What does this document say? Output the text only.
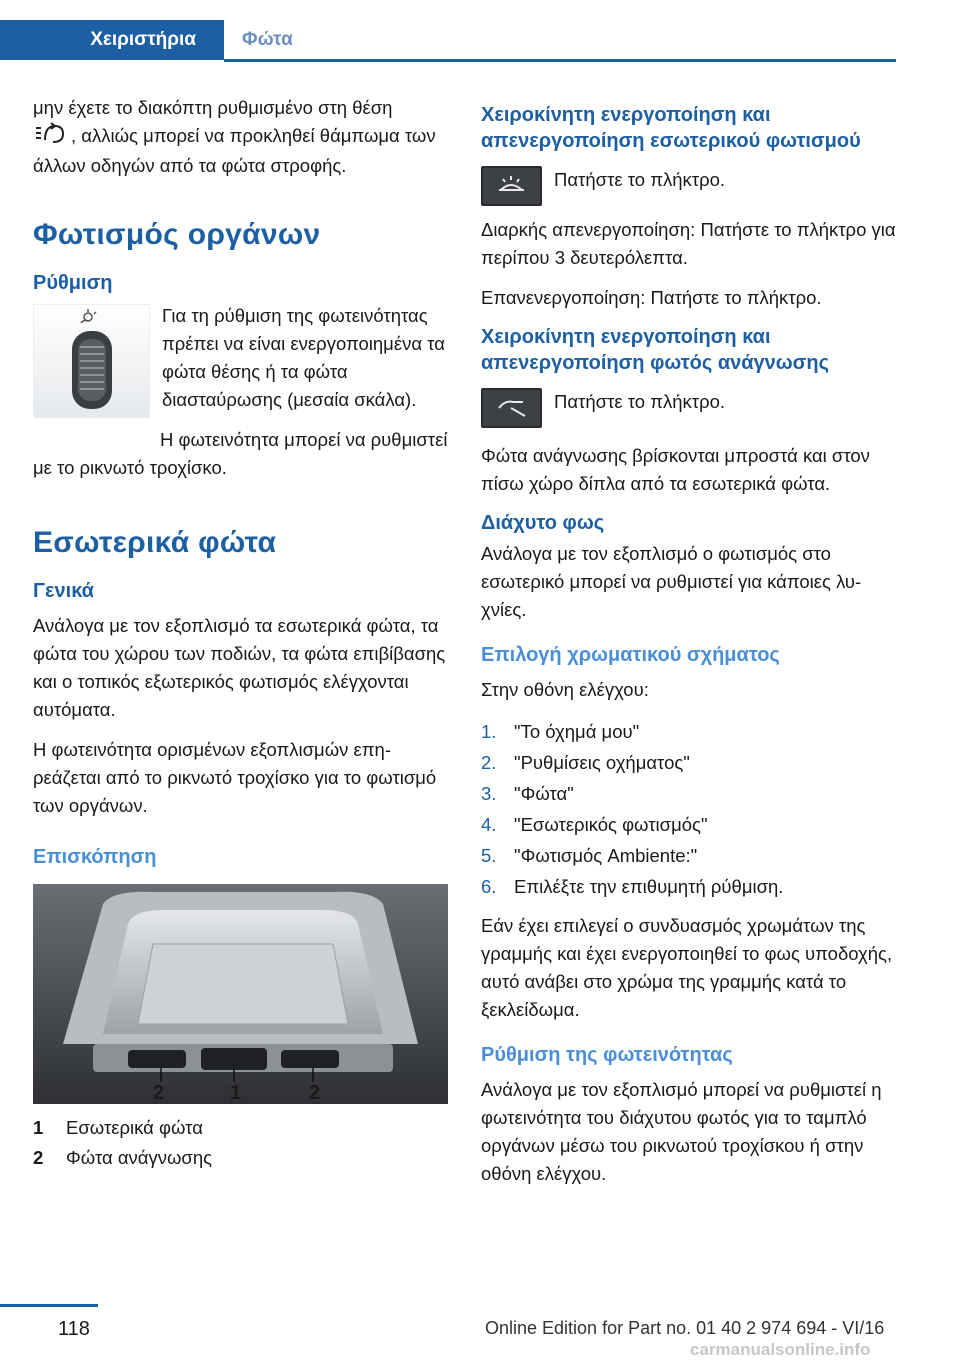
Χειριστήρια	Φώτα

μην έχετε το διακόπτη ρυθμισμένο στη θέση
, αλλιώς μπορεί να προκληθεί θάμπωμα των άλλων οδηγών από τα φώτα στροφής.

Φωτισμός οργάνων
Ρύθμιση

Για τη ρύθμιση της φωτεινότητας πρέπει να είναι ενεργοποιημένα τα φώτα θέσης ή τα φώτα διασταύρωσης (μεσαία σκάλα).

Η φωτεινότητα μπορεί να ρυθμιστεί με το ρικνωτό τροχίσκο.

Εσωτερικά φώτα
Γενικά

Ανάλογα με τον εξοπλισμό τα εσωτερικά φώτα, τα φώτα του χώρου των ποδιών, τα φώτα επιβίβασης και ο τοπικός εξωτερικός φωτισμός ελέγχονται αυτόματα.

Η φωτεινότητα ορισμένων εξοπλισμών επηρεάζεται από το ρικνωτό τροχίσκο για το φωτισμό των οργάνων.

Επισκόπηση
2	1	2
1	Εσωτερικά φώτα
2	Φώτα ανάγνωσης
Χειροκίνητη ενεργοποίηση και απενεργοποίηση εσωτερικού φωτισμού

Πατήστε το πλήκτρο.

Διαρκής απενεργοποίηση: Πατήστε το πλήκτρο για περίπου 3 δευτερόλεπτα.

Επανενεργοποίηση: Πατήστε το πλήκτρο.

Χειροκίνητη ενεργοποίηση και απενεργοποίηση φωτός ανάγνωσης

Πατήστε το πλήκτρο.

Φώτα ανάγνωσης βρίσκονται μπροστά και στον πίσω χώρο δίπλα από τα εσωτερικά φώτα.

Διάχυτο φως

Ανάλογα με τον εξοπλισμό ο φωτισμός στο εσωτερικό μπορεί να ρυθμιστεί για κάποιες λυχνίες.

Επιλογή χρωματικού σχήματος

Στην οθόνη ελέγχου:

1. "Το όχημά μου"
2. "Ρυθμίσεις οχήματος"
3. "Φώτα"
4. "Εσωτερικός φωτισμός"
5. "Φωτισμός Ambiente:"
6. Επιλέξτε την επιθυμητή ρύθμιση.

Εάν έχει επιλεγεί ο συνδυασμός χρωμάτων της γραμμής και έχει ενεργοποιηθεί το φως υποδοχής, αυτό ανάβει στο χρώμα της γραμμής κατά το ξεκλείδωμα.

Ρύθμιση της φωτεινότητας

Ανάλογα με τον εξοπλισμό μπορεί να ρυθμιστεί η φωτεινότητα του διάχυτου φωτός για το ταμπλό οργάνων μέσω του ρικνωτού τροχίσκου ή στην οθόνη ελέγχου.

118	Online Edition for Part no. 01 40 2 974 694 - VI/16
carmanualsonline.info
